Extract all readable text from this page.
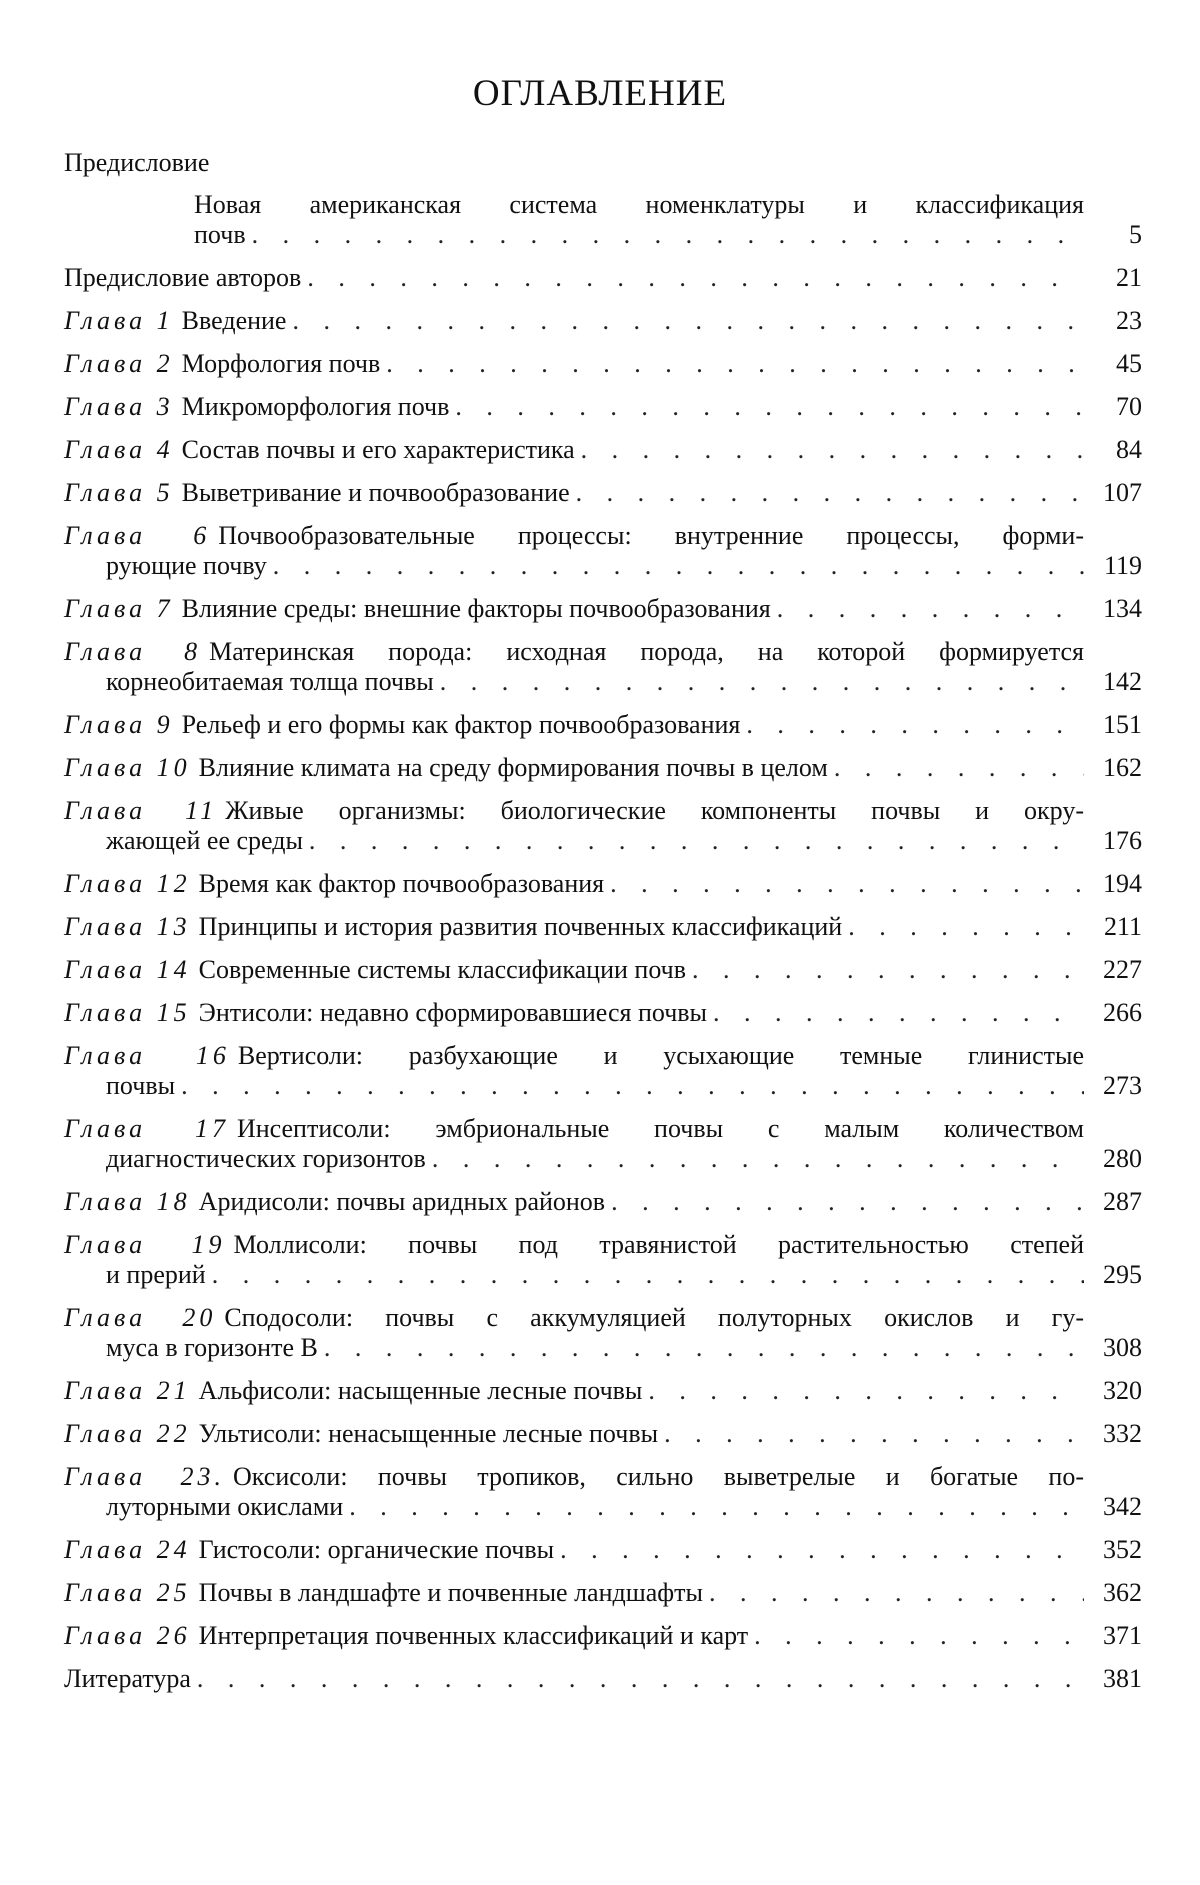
ОГЛАВЛЕНИЕ
Предисловие
Новая американская система номенклатуры и классификация
почв . . .	5
Предисловие авторов . . .	21
Глава 1 Введение . . .	23
Глава 2 Морфология почв . . .	45
Глава 3 Микроморфология почв . . .	70
Глава 4 Состав почвы и его характеристика . . .	84
Глава 5 Выветривание и почвообразование . . .	107
Глава 6 Почвообразовательные процессы: внутренние процессы, форми-
рующие почву . . .	119
Глава 7 Влияние среды: внешние факторы почвообразования . . .	134
Глава 8 Материнская порода: исходная порода, на которой формируется
корнеобитаемая толща почвы . . .	142
Глава 9 Рельеф и его формы как фактор почвообразования . . .	151
Глава 10 Влияние климата на среду формирования почвы в целом . . .	162
Глава 11 Живые организмы: биологические компоненты почвы и окру-
жающей ее среды . . .	176
Глава 12 Время как фактор почвообразования . . .	194
Глава 13 Принципы и история развития почвенных классификаций . . .	211
Глава 14 Современные системы классификации почв . . .	227
Глава 15 Энтисоли: недавно сформировавшиеся почвы . . .	266
Глава 16 Вертисоли: разбухающие и усыхающие темные глинистые
почвы . . .	273
Глава 17 Инсептисоли: эмбриональные почвы с малым количеством
диагностических горизонтов . . .	280
Глава 18 Аридисоли: почвы аридных районов . . .	287
Глава 19 Моллисоли: почвы под травянистой растительностью степей
и прерий . . .	295
Глава 20 Сподосоли: почвы с аккумуляцией полуторных окислов и гу-
муса в горизонте В . . .	308
Глава 21 Альфисоли: насыщенные лесные почвы . . .	320
Глава 22 Ультисоли: ненасыщенные лесные почвы . . .	332
Глава 23. Оксисоли: почвы тропиков, сильно выветрелые и богатые по-
луторными окислами . . .	342
Глава 24 Гистосоли: органические почвы . . .	352
Глава 25 Почвы в ландшафте и почвенные ландшафты . . .	362
Глава 26 Интерпретация почвенных классификаций и карт . . .	371
Литература . . .	381
